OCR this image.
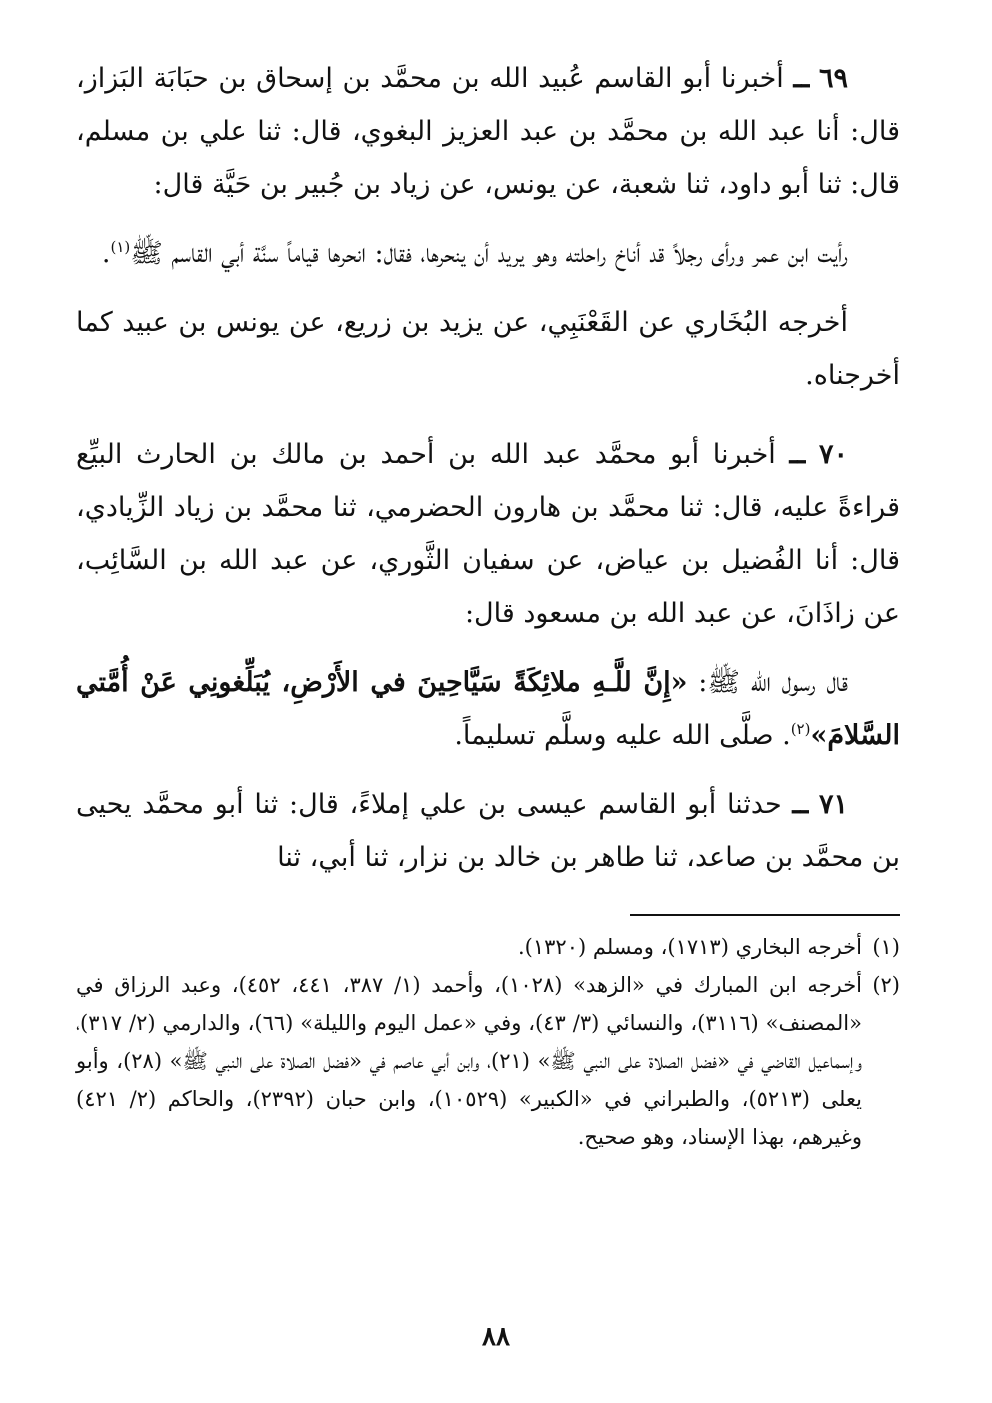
٦٩ ــ أخبرنا أبو القاسم عُبيد الله بن محمَّد بن إسحاق بن حبَابَة البَزاز، قال: أنا عبد الله بن محمَّد بن عبد العزيز البغوي، قال: ثنا علي بن مسلم، قال: ثنا أبو داود، ثنا شعبة، عن يونس، عن زياد بن جُبير بن حَيَّة قال:

رأيت ابن عمر ورأى رجلاً قد أناخ راحلته وهو يريد أن ينحرها، فقال: انحرها قياماً سنَّة أبي القاسم ﷺ$^{(١)}$.

أخرجه البُخَاري عن القَعْنَبِي، عن يزيد بن زريع، عن يونس بن عبيد كما أخرجناه.

٧٠ ــ أخبرنا أبو محمَّد عبد الله بن أحمد بن مالك بن الحارث البيِّع قراءةً عليه، قال: ثنا محمَّد بن هارون الحضرمي، ثنا محمَّد بن زياد الزِّيادي، قال: أنا الفُضيل بن عياض، عن سفيان الثَّوري، عن عبد الله بن السَّائِب، عن زاذَانَ، عن عبد الله بن مسعود قال:

قال رسول الله ﷺ: «إِنَّ للَّـهِ ملائِكَةً سَيَّاحِينَ في الأَرْضِ، يُبَلِّغونِي عَنْ أُمَّتي السَّلامَ»$^{(٢)}$. صلَّى الله عليه وسلَّم تسليماً.

٧١ ــ حدثنا أبو القاسم عيسى بن علي إملاءً، قال: ثنا أبو محمَّد يحيى بن محمَّد بن صاعد، ثنا طاهر بن خالد بن نزار، ثنا أبي، ثنا

(١)
أخرجه البخاري (١٧١٣)، ومسلم (١٣٢٠).
(٢)
أخرجه ابن المبارك في «الزهد» (١٠٢٨)، وأحمد (١/ ٣٨٧، ٤٤١، ٤٥٢)، وعبد الرزاق في «المصنف» (٣١١٦)، والنسائي (٣/ ٤٣)، وفي «عمل اليوم والليلة» (٦٦)، والدارمي (٢/ ٣١٧)، وإسماعيل القاضي في «فضل الصلاة على النبي ﷺ» (٢١)، وابن أبي عاصم في «فضل الصلاة على النبي ﷺ» (٢٨)، وأبو يعلى (٥٢١٣)، والطبراني في «الكبير» (١٠٥٢٩)، وابن حبان (٢٣٩٢)، والحاكم (٢/ ٤٢١) وغيرهم، بهذا الإسناد، وهو صحيح.
٨٨
